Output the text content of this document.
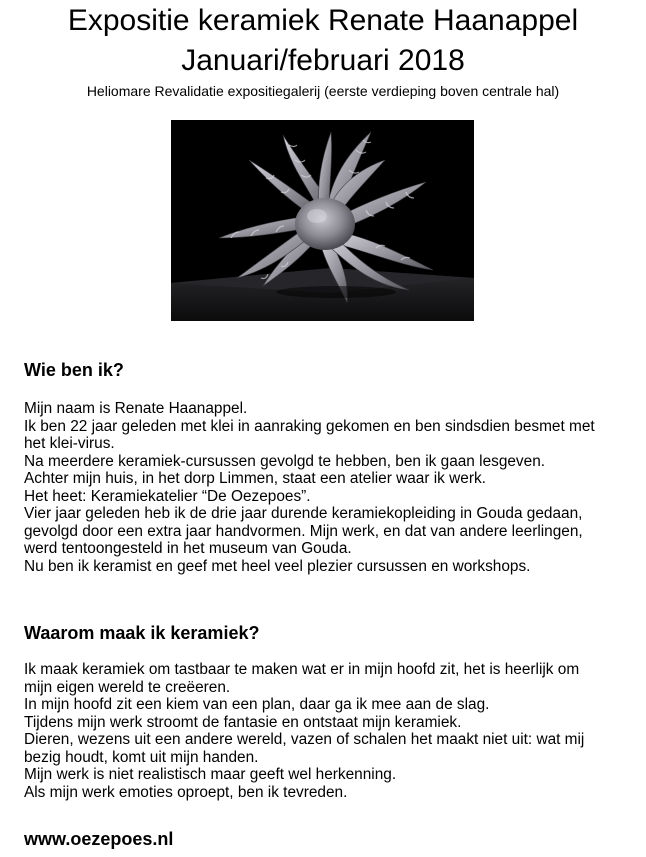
Expositie keramiek Renate Haanappel
Januari/februari 2018
Heliomare Revalidatie expositiegalerij (eerste verdieping boven centrale hal)
Wie ben ik?

Mijn naam is Renate Haanappel.
Ik ben 22 jaar geleden met klei in aanraking gekomen en ben sindsdien besmet met
het klei-virus.
Na meerdere keramiek-cursussen gevolgd te hebben, ben ik gaan lesgeven.
Achter mijn huis, in het dorp Limmen, staat een atelier waar ik werk.
Het heet: Keramiekatelier “De Oezepoes”.
Vier jaar geleden heb ik de drie jaar durende keramiekopleiding in Gouda gedaan,
gevolgd door een extra jaar handvormen. Mijn werk, en dat van andere leerlingen,
werd tentoongesteld in het museum van Gouda.
Nu ben ik keramist en geef met heel veel plezier cursussen en workshops.

Waarom maak ik keramiek?

Ik maak keramiek om tastbaar te maken wat er in mijn hoofd zit, het is heerlijk om
mijn eigen wereld te creëeren.
In mijn hoofd zit een kiem van een plan, daar ga ik mee aan de slag.
Tijdens mijn werk stroomt de fantasie en ontstaat mijn keramiek.
Dieren, wezens uit een andere wereld, vazen of schalen het maakt niet uit: wat mij
bezig houdt, komt uit mijn handen.
Mijn werk is niet realistisch maar geeft wel herkenning.
Als mijn werk emoties oproept, ben ik tevreden.

www.oezepoes.nl
